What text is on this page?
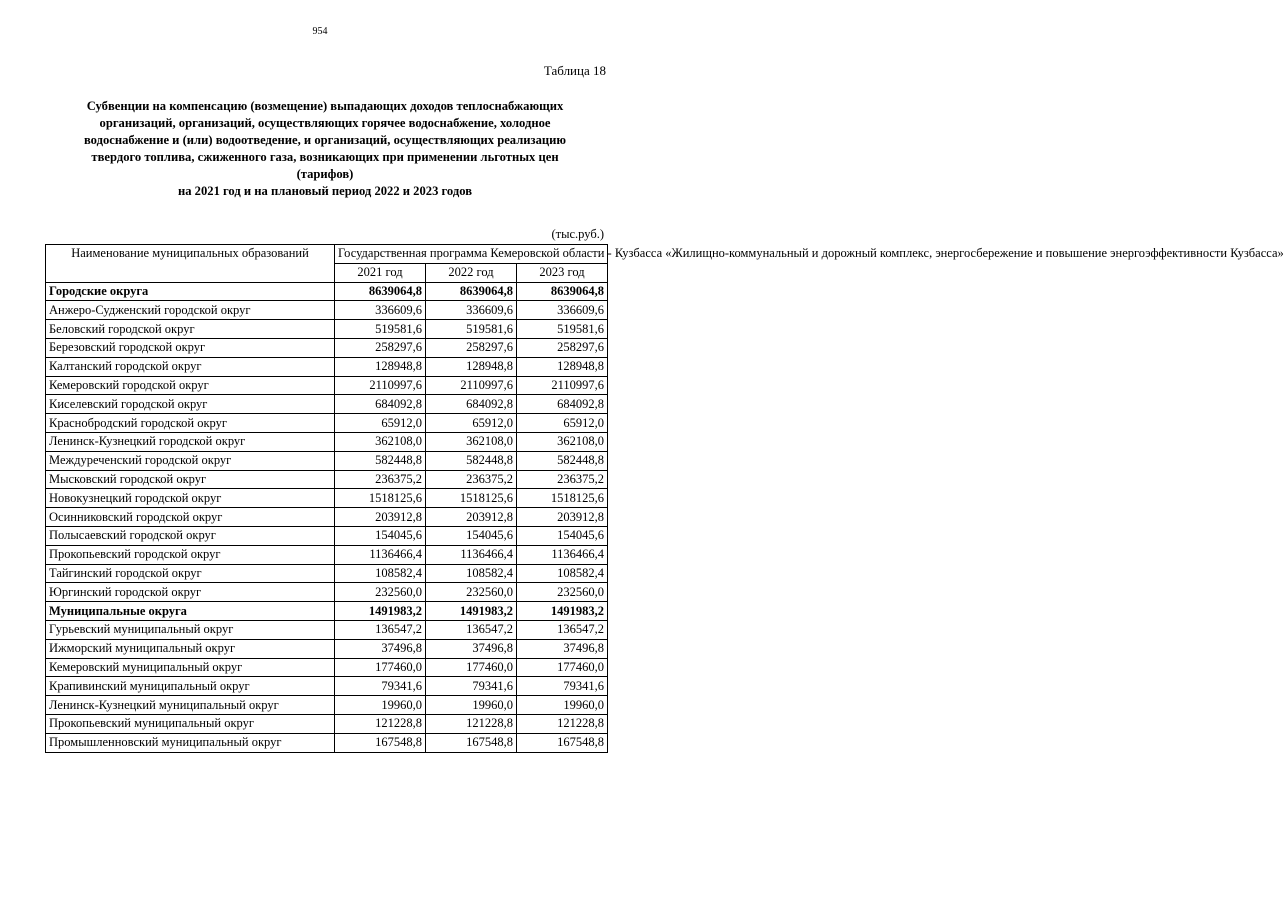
954
Таблица 18
Субвенции на компенсацию (возмещение) выпадающих доходов теплоснабжающих
организаций, организаций, осуществляющих горячее водоснабжение, холодное
водоснабжение и (или) водоотведение, и организаций, осуществляющих реализацию
твердого топлива, сжиженного газа, возникающих при применении льготных цен
(тарифов)
на 2021 год и на плановый период 2022 и 2023 годов
(тыс.руб.)
Наименование муниципальных образований	Государственная программа Кемеровской области - Кузбасса «Жилищно-коммунальный и дорожный комплекс, энергосбережение и повышение энергоэффективности Кузбасса»		
	2021 год	2022 год	2023 год
Городские округа	8639064,8	8639064,8	8639064,8
Анжеро-Судженский городской округ	336609,6	336609,6	336609,6
Беловский городской округ	519581,6	519581,6	519581,6
Березовский городской округ	258297,6	258297,6	258297,6
Калтанский городской округ	128948,8	128948,8	128948,8
Кемеровский городской округ	2110997,6	2110997,6	2110997,6
Киселевский городской округ	684092,8	684092,8	684092,8
Краснобродский городской округ	65912,0	65912,0	65912,0
Ленинск-Кузнецкий городской округ	362108,0	362108,0	362108,0
Междуреченский городской округ	582448,8	582448,8	582448,8
Мысковский городской округ	236375,2	236375,2	236375,2
Новокузнецкий городской округ	1518125,6	1518125,6	1518125,6
Осинниковский городской округ	203912,8	203912,8	203912,8
Полысаевский городской округ	154045,6	154045,6	154045,6
Прокопьевский городской округ	1136466,4	1136466,4	1136466,4
Тайгинский городской округ	108582,4	108582,4	108582,4
Юргинский городской округ	232560,0	232560,0	232560,0
Муниципальные округа	1491983,2	1491983,2	1491983,2
Гурьевский муниципальный округ	136547,2	136547,2	136547,2
Ижморский муниципальный округ	37496,8	37496,8	37496,8
Кемеровский муниципальный округ	177460,0	177460,0	177460,0
Крапивинский муниципальный округ	79341,6	79341,6	79341,6
Ленинск-Кузнецкий муниципальный округ	19960,0	19960,0	19960,0
Прокопьевский муниципальный округ	121228,8	121228,8	121228,8
Промышленновский муниципальный округ	167548,8	167548,8	167548,8
